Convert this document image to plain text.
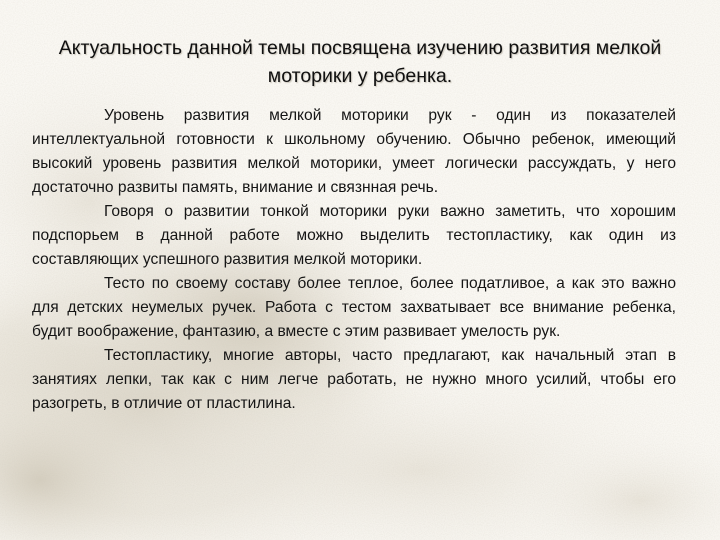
Актуальность данной темы посвящена изучению развития мелкой моторики у ребенка.

Уровень развития мелкой моторики рук - один из показателей интеллектуальной готовности к школьному обучению. Обычно ребенок, имеющий высокий уровень развития мелкой моторики, умеет логически рассуждать, у него достаточно развиты память, внимание и связнная речь.

Говоря о развитии тонкой моторики руки важно заметить, что хорошим подспорьем в данной работе можно выделить тестопластику, как один из составляющих успешного развития мелкой моторики.

Тесто по своему составу более теплое, более податливое, а как это важно для детских неумелых ручек. Работа с тестом захватывает все внимание ребенка, будит воображение, фантазию, а вместе с этим развивает умелость рук.

Тестопластику, многие авторы, часто предлагают, как начальный этап в занятиях лепки, так как с ним легче работать, не нужно много усилий, чтобы его разогреть, в отличие от пластилина.
